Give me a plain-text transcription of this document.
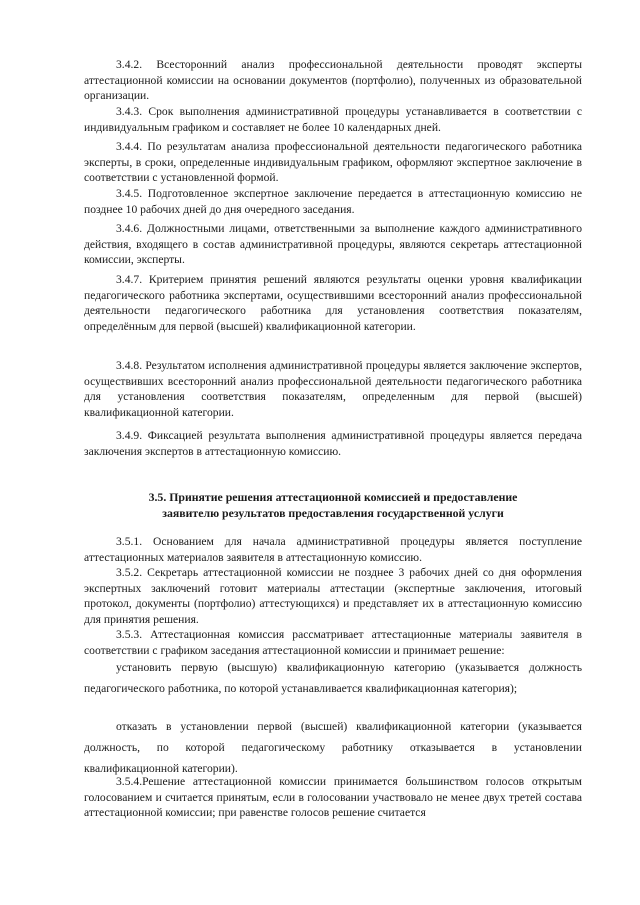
3.4.2. Всесторонний анализ профессиональной деятельности проводят эксперты аттестационной комиссии на основании документов (портфолио), полученных из образовательной организации.

3.4.3. Срок выполнения административной процедуры устанавливается в соответствии с индивидуальным графиком и составляет не более 10 календарных дней.

3.4.4. По результатам анализа профессиональной деятельности педагогического работника эксперты, в сроки, определенные индивидуальным графиком, оформляют экспертное заключение в соответствии с установленной формой.

3.4.5. Подготовленное экспертное заключение передается в аттестационную комиссию не позднее 10 рабочих дней до дня очередного заседания.

3.4.6. Должностными лицами, ответственными за выполнение каждого административного действия, входящего в состав административной процедуры, являются секретарь аттестационной комиссии, эксперты.

3.4.7. Критерием принятия решений являются результаты оценки уровня квалификации педагогического работника экспертами, осуществившими всесторонний анализ профессиональной деятельности педагогического работника для установления соответствия показателям, определённым для первой (высшей) квалификационной категории.

3.4.8. Результатом исполнения административной процедуры является заключение экспертов, осуществивших всесторонний анализ профессиональной деятельности педагогического работника для установления соответствия показателям, определенным для первой (высшей) квалификационной категории.

3.4.9. Фиксацией результата выполнения административной процедуры является передача заключения экспертов в аттестационную комиссию.

3.5. Принятие решения аттестационной комиссией и предоставление
заявителю результатов предоставления государственной услуги

3.5.1. Основанием для начала административной процедуры является поступление аттестационных материалов заявителя в аттестационную комиссию.

3.5.2. Секретарь аттестационной комиссии не позднее 3 рабочих дней со дня оформления экспертных заключений готовит материалы аттестации (экспертные заключения, итоговый протокол, документы (портфолио) аттестующихся) и представляет их в аттестационную комиссию для принятия решения.

3.5.3. Аттестационная комиссия рассматривает аттестационные материалы заявителя в соответствии с графиком заседания аттестационной комиссии и принимает решение:

установить первую (высшую) квалификационную категорию (указывается должность педагогического работника, по которой устанавливается квалификационная категория);

отказать в установлении первой (высшей) квалификационной категории (указывается должность, по которой педагогическому работнику отказывается в установлении квалификационной категории).

3.5.4.Решение аттестационной комиссии принимается большинством голосов открытым голосованием и считается принятым, если в голосовании участвовало не менее двух третей состава аттестационной комиссии; при равенстве голосов решение считается
